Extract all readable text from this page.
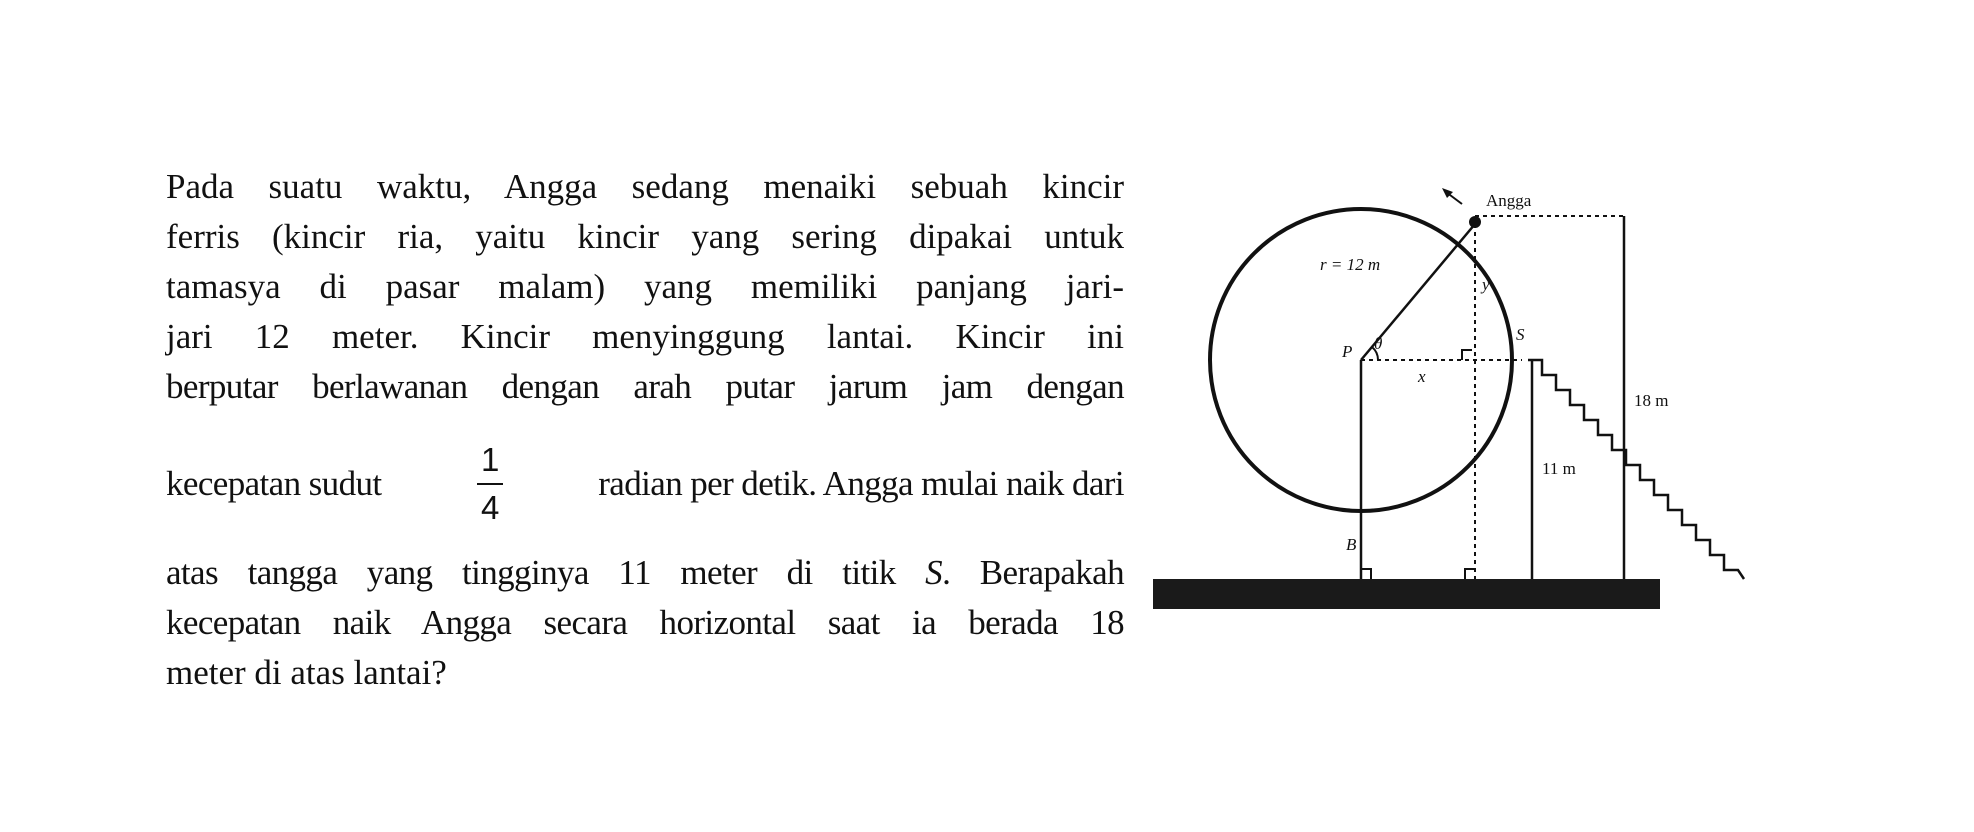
Pada suatu waktu, Angga sedang menaiki sebuah kincir
ferris (kincir ria, yaitu kincir yang sering dipakai untuk
tamasya di pasar malam) yang memiliki panjang jari-
jari 12 meter. Kincir menyinggung lantai. Kincir ini
berputar berlawanan dengan arah putar jarum jam dengan

kecepatan sudut	$\frac{1}{4}$	radian per detik. Angga mulai naik dari

atas tangga yang tingginya 11 meter di titik S. Berapakah
kecepatan naik Angga secara horizontal saat ia berada 18
meter di atas lantai?

Angga
r = 12 m
y
P θ
x
S
B
18 m
11 m
